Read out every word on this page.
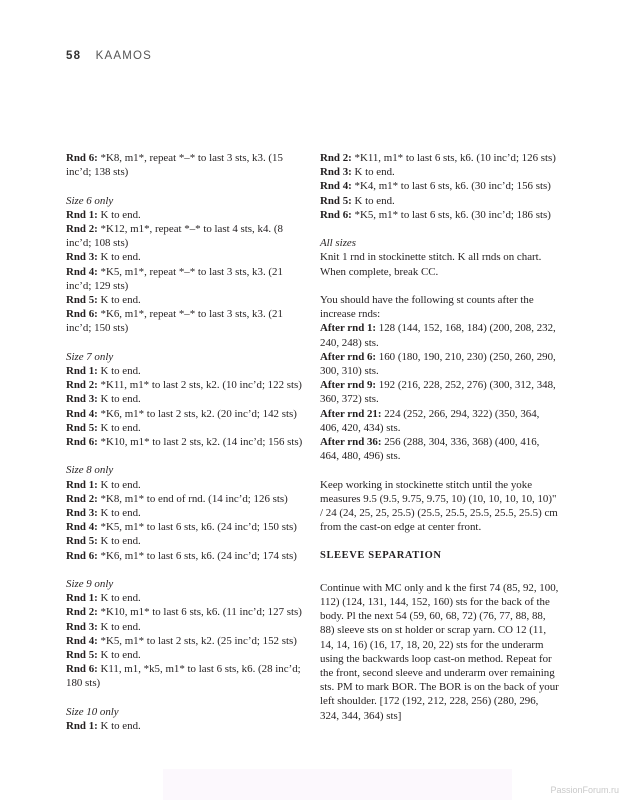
58 KAAMOS
Rnd 6: *K8, m1*, repeat *–* to last 3 sts, k3. (15 inc’d; 138 sts)
Size 6 only
Rnd 1: K to end.
Rnd 2: *K12, m1*, repeat *–* to last 4 sts, k4. (8 inc’d; 108 sts)
Rnd 3: K to end.
Rnd 4: *K5, m1*, repeat *–* to last 3 sts, k3. (21 inc’d; 129 sts)
Rnd 5: K to end.
Rnd 6: *K6, m1*, repeat *–* to last 3 sts, k3. (21 inc’d; 150 sts)
Size 7 only
Rnd 1: K to end.
Rnd 2: *K11, m1* to last 2 sts, k2. (10 inc’d; 122 sts)
Rnd 3: K to end.
Rnd 4: *K6, m1* to last 2 sts, k2. (20 inc’d; 142 sts)
Rnd 5: K to end.
Rnd 6: *K10, m1* to last 2 sts, k2. (14 inc’d; 156 sts)
Size 8 only
Rnd 1: K to end.
Rnd 2: *K8, m1* to end of rnd. (14 inc’d; 126 sts)
Rnd 3: K to end.
Rnd 4: *K5, m1* to last 6 sts, k6. (24 inc’d; 150 sts)
Rnd 5: K to end.
Rnd 6: *K6, m1* to last 6 sts, k6. (24 inc’d; 174 sts)
Size 9 only
Rnd 1: K to end.
Rnd 2: *K10, m1* to last 6 sts, k6. (11 inc’d; 127 sts)
Rnd 3: K to end.
Rnd 4: *K5, m1* to last 2 sts, k2. (25 inc’d; 152 sts)
Rnd 5: K to end.
Rnd 6: K11, m1, *k5, m1* to last 6 sts, k6. (28 inc’d; 180 sts)
Size 10 only
Rnd 1: K to end.
Rnd 2: *K11, m1* to last 6 sts, k6. (10 inc’d; 126 sts)
Rnd 3: K to end.
Rnd 4: *K4, m1* to last 6 sts, k6. (30 inc’d; 156 sts)
Rnd 5: K to end.
Rnd 6: *K5, m1* to last 6 sts, k6. (30 inc’d; 186 sts)
All sizes
Knit 1 rnd in stockinette stitch. K all rnds on chart. When complete, break CC.
You should have the following st counts after the increase rnds:
After rnd 1: 128 (144, 152, 168, 184) (200, 208, 232, 240, 248) sts.
After rnd 6: 160 (180, 190, 210, 230) (250, 260, 290, 300, 310) sts.
After rnd 9: 192 (216, 228, 252, 276) (300, 312, 348, 360, 372) sts.
After rnd 21: 224 (252, 266, 294, 322) (350, 364, 406, 420, 434) sts.
After rnd 36: 256 (288, 304, 336, 368) (400, 416, 464, 480, 496) sts.
Keep working in stockinette stitch until the yoke measures 9.5 (9.5, 9.75, 9.75, 10) (10, 10, 10, 10, 10)" / 24 (24, 25, 25, 25.5) (25.5, 25.5, 25.5, 25.5, 25.5) cm from the cast-on edge at center front.
SLEEVE SEPARATION
Continue with MC only and k the first 74 (85, 92, 100, 112) (124, 131, 144, 152, 160) sts for the back of the body. Pl the next 54 (59, 60, 68, 72) (76, 77, 88, 88, 88) sleeve sts on st holder or scrap yarn. CO 12 (11, 14, 14, 16) (16, 17, 18, 20, 22) sts for the underarm using the backwards loop cast-on method. Repeat for the front, second sleeve and underarm over remaining sts. PM to mark BOR. The BOR is on the back of your left shoulder. [172 (192, 212, 228, 256) (280, 296, 324, 344, 364) sts]
PassionForum.ru
